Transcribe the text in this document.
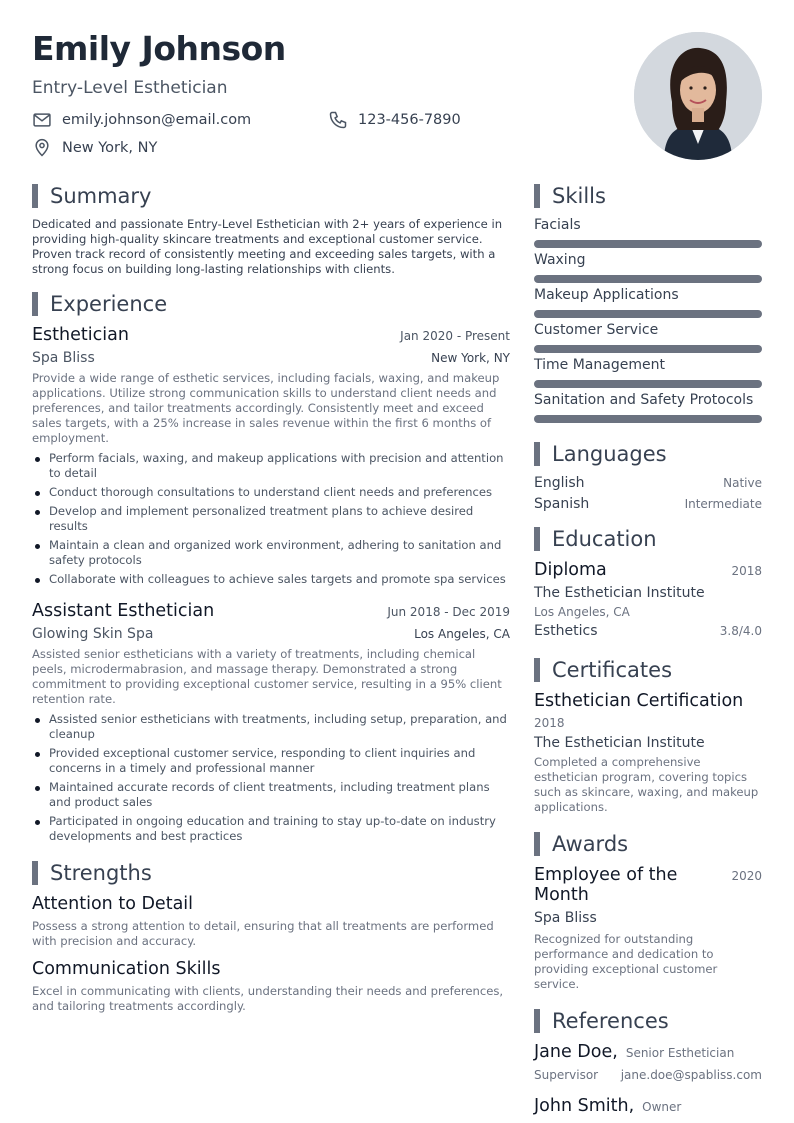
Emily Johnson
Entry-Level Esthetician
emily.johnson@email.com	123-456-7890
New York, NY
Summary
Dedicated and passionate Entry-Level Esthetician with 2+ years of experience in providing high-quality skincare treatments and exceptional customer service. Proven track record of consistently meeting and exceeding sales targets, with a strong focus on building long-lasting relationships with clients.
Experience
Esthetician	Jan 2020 - Present
Spa Bliss	New York, NY
Provide a wide range of esthetic services, including facials, waxing, and makeup applications. Utilize strong communication skills to understand client needs and preferences, and tailor treatments accordingly. Consistently meet and exceed sales targets, with a 25% increase in sales revenue within the first 6 months of employment.
Perform facials, waxing, and makeup applications with precision and attention to detail
Conduct thorough consultations to understand client needs and preferences
Develop and implement personalized treatment plans to achieve desired results
Maintain a clean and organized work environment, adhering to sanitation and safety protocols
Collaborate with colleagues to achieve sales targets and promote spa services
Assistant Esthetician	Jun 2018 - Dec 2019
Glowing Skin Spa	Los Angeles, CA
Assisted senior estheticians with a variety of treatments, including chemical peels, microdermabrasion, and massage therapy. Demonstrated a strong commitment to providing exceptional customer service, resulting in a 95% client retention rate.
Assisted senior estheticians with treatments, including setup, preparation, and cleanup
Provided exceptional customer service, responding to client inquiries and concerns in a timely and professional manner
Maintained accurate records of client treatments, including treatment plans and product sales
Participated in ongoing education and training to stay up-to-date on industry developments and best practices
Strengths
Attention to Detail
Possess a strong attention to detail, ensuring that all treatments are performed with precision and accuracy.
Communication Skills
Excel in communicating with clients, understanding their needs and preferences, and tailoring treatments accordingly.
Skills
Facials
Waxing
Makeup Applications
Customer Service
Time Management
Sanitation and Safety Protocols
Languages
English	Native
Spanish	Intermediate
Education
Diploma	2018
The Esthetician Institute
Los Angeles, CA
Esthetics	3.8/4.0
Certificates
Esthetician Certification
2018
The Esthetician Institute
Completed a comprehensive esthetician program, covering topics such as skincare, waxing, and makeup applications.
Awards
Employee of the Month
2020
Spa Bliss
Recognized for outstanding performance and dedication to providing exceptional customer service.
References
Jane Doe, Senior Esthetician
Supervisor jane.doe@spabliss.com
John Smith, Owner
